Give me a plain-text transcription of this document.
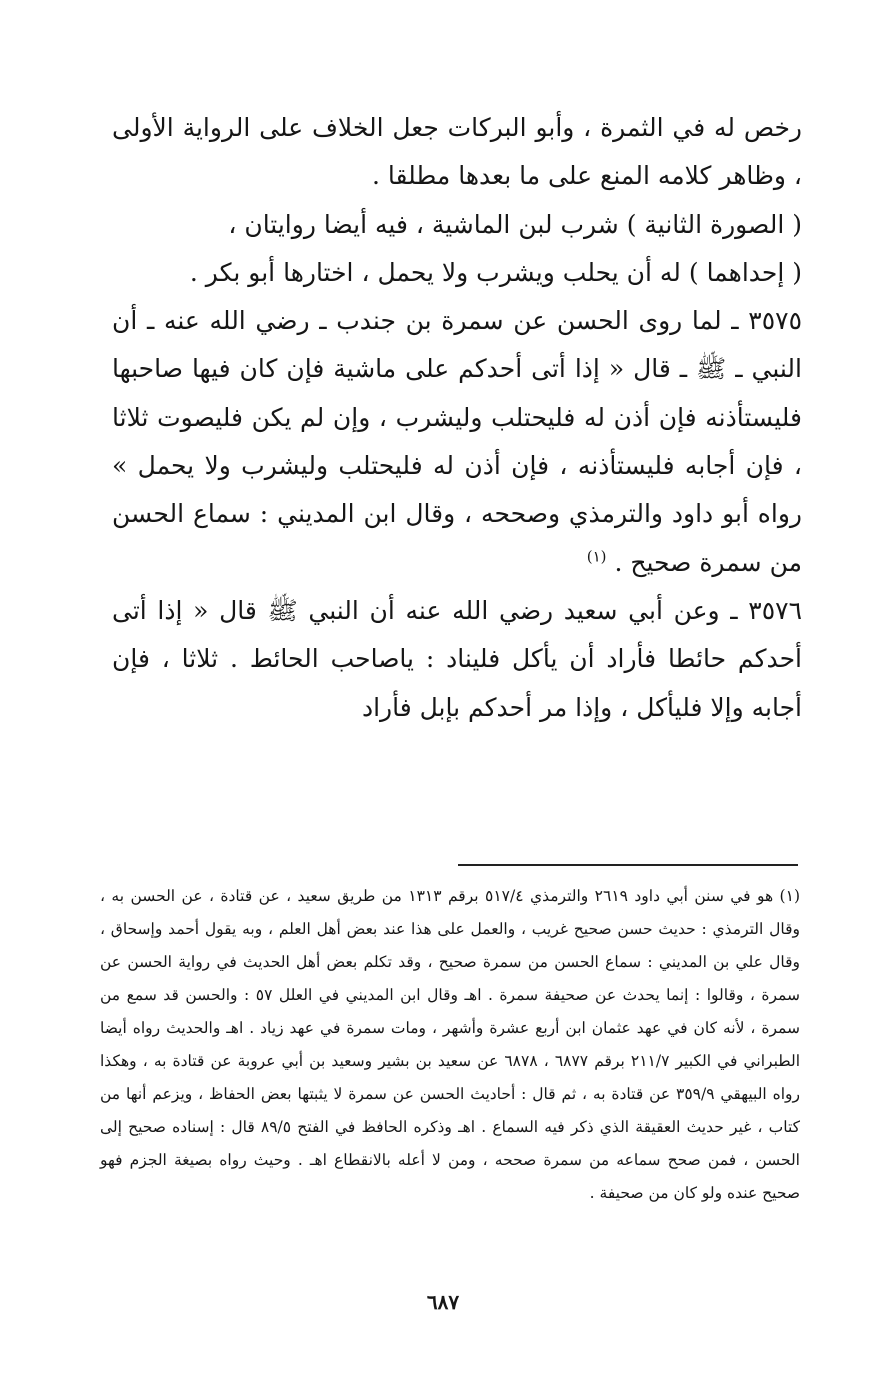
رخص له في الثمرة ، وأبو البركات جعل الخلاف على الرواية الأولى ، وظاهر كلامه المنع على ما بعدها مطلقا .

( الصورة الثانية ) شرب لبن الماشية ، فيه أيضا روايتان ،

( إحداهما ) له أن يحلب ويشرب ولا يحمل ، اختارها أبو بكر .

٣٥٧٥ ـ لما روى الحسن عن سمرة بن جندب ـ رضي الله عنه ـ أن النبي ـ ﷺ ـ قال « إذا أتى أحدكم على ماشية فإن كان فيها صاحبها فليستأذنه فإن أذن له فليحتلب وليشرب ، وإن لم يكن فليصوت ثلاثا ، فإن أجابه فليستأذنه ، فإن أذن له فليحتلب وليشرب ولا يحمل » رواه أبو داود والترمذي وصححه ، وقال ابن المديني : سماع الحسن من سمرة صحيح . $^{(١)}$

٣٥٧٦ ـ وعن أبي سعيد رضي الله عنه أن النبي ﷺ قال « إذا أتى أحدكم حائطا فأراد أن يأكل فليناد : ياصاحب الحائط . ثلاثا ، فإن أجابه وإلا فليأكل ، وإذا مر أحدكم بإبل فأراد

(١) هو في سنن أبي داود ٢٦١٩ والترمذي ٥١٧/٤ برقم ١٣١٣ من طريق سعيد ، عن قتادة ، عن الحسن به ، وقال الترمذي : حديث حسن صحيح غريب ، والعمل على هذا عند بعض أهل العلم ، وبه يقول أحمد وإسحاق ، وقال علي بن المديني : سماع الحسن من سمرة صحيح ، وقد تكلم بعض أهل الحديث في رواية الحسن عن سمرة ، وقالوا : إنما يحدث عن صحيفة سمرة . اهـ وقال ابن المديني في العلل ٥٧ : والحسن قد سمع من سمرة ، لأنه كان في عهد عثمان ابن أربع عشرة وأشهر ، ومات سمرة في عهد زياد . اهـ والحديث رواه أيضا الطبراني في الكبير ٢١١/٧ برقم ٦٨٧٧ ، ٦٨٧٨ عن سعيد بن بشير وسعيد بن أبي عروبة عن قتادة به ، وهكذا رواه البيهقي ٣٥٩/٩ عن قتادة به ، ثم قال : أحاديث الحسن عن سمرة لا يثبتها بعض الحفاظ ، ويزعم أنها من كتاب ، غير حديث العقيقة الذي ذكر فيه السماع . اهـ وذكره الحافظ في الفتح ٨٩/٥ قال : إسناده صحيح إلى الحسن ، فمن صحح سماعه من سمرة صححه ، ومن لا أعله بالانقطاع اهـ . وحيث رواه بصيغة الجزم فهو صحيح عنده ولو كان من صحيفة .

٦٨٧
